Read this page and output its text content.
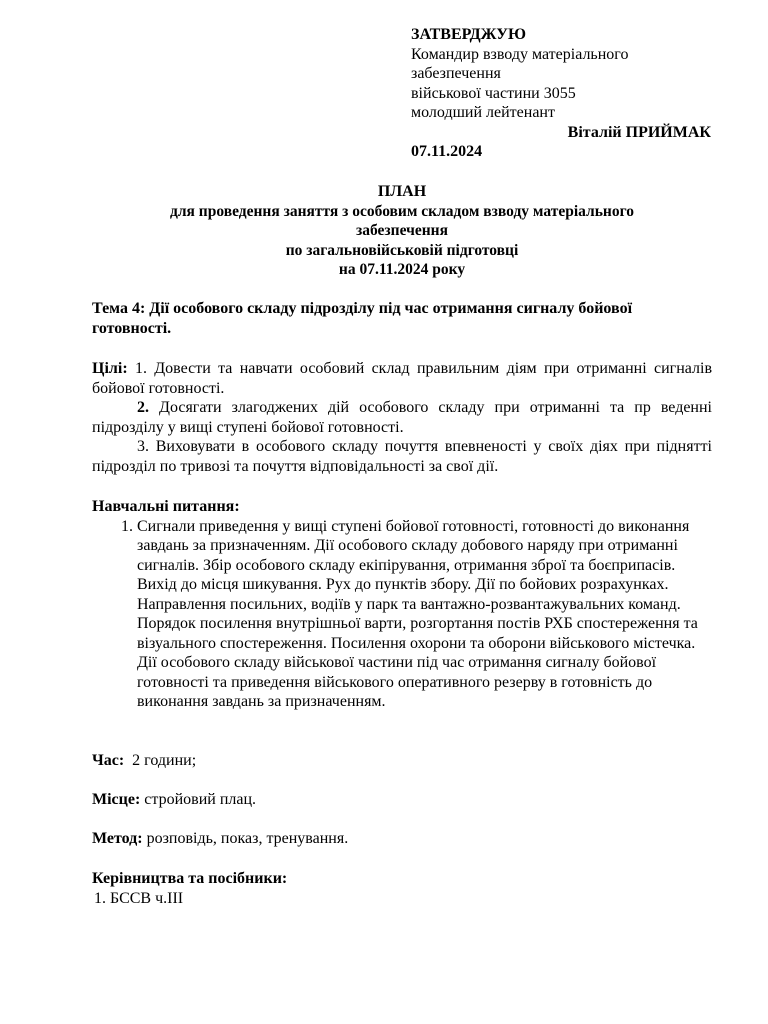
ЗАТВЕРДЖУЮ
Командир взводу матеріального
забезпечення
військової частини 3055
молодший лейтенант
Віталій ПРИЙМАК
07.11.2024
ПЛАН
для проведення заняття з особовим складом взводу матеріального
забезпечення
по загальновійськовій підготовці
на 07.11.2024 року
Тема 4: Дії особового складу підрозділу під час отримання сигналу бойової готовності.
Цілі: 1. Довести та навчати особовий склад правильним діям при отриманні сигналів бойової готовності.
2. Досягати злагоджених дій особового складу при отриманні та пр веденні підрозділу у вищі ступені бойової готовності.
3. Виховувати в особового складу почуття впевненості у своїх діях при піднятті підрозділ по тривозі та почуття відповідальності за свої дії.
Навчальні питання:
1. Сигнали приведення у вищі ступені бойової готовності, готовності до виконання завдань за призначенням. Дії особового складу добового наряду при отриманні сигналів. Збір особового складу екіпірування, отримання зброї та боєприпасів. Вихід до місця шикування. Рух до пунктів збору. Дії по бойових розрахунках. Направлення посильних, водіїв у парк та вантажно-розвантажувальних команд. Порядок посилення внутрішньої варти, розгортання постів РХБ спостереження та візуального спостереження. Посилення охорони та оборони військового містечка. Дії особового складу військової частини під час отримання сигналу бойової готовності та приведення військового оперативного резерву в готовність до виконання завдань за призначенням.
Час:  2 години;
Місце: стройовий плац.
Метод: розповідь, показ, тренування.
Керівництва та посібники:
1. БССВ ч.ІІІ
